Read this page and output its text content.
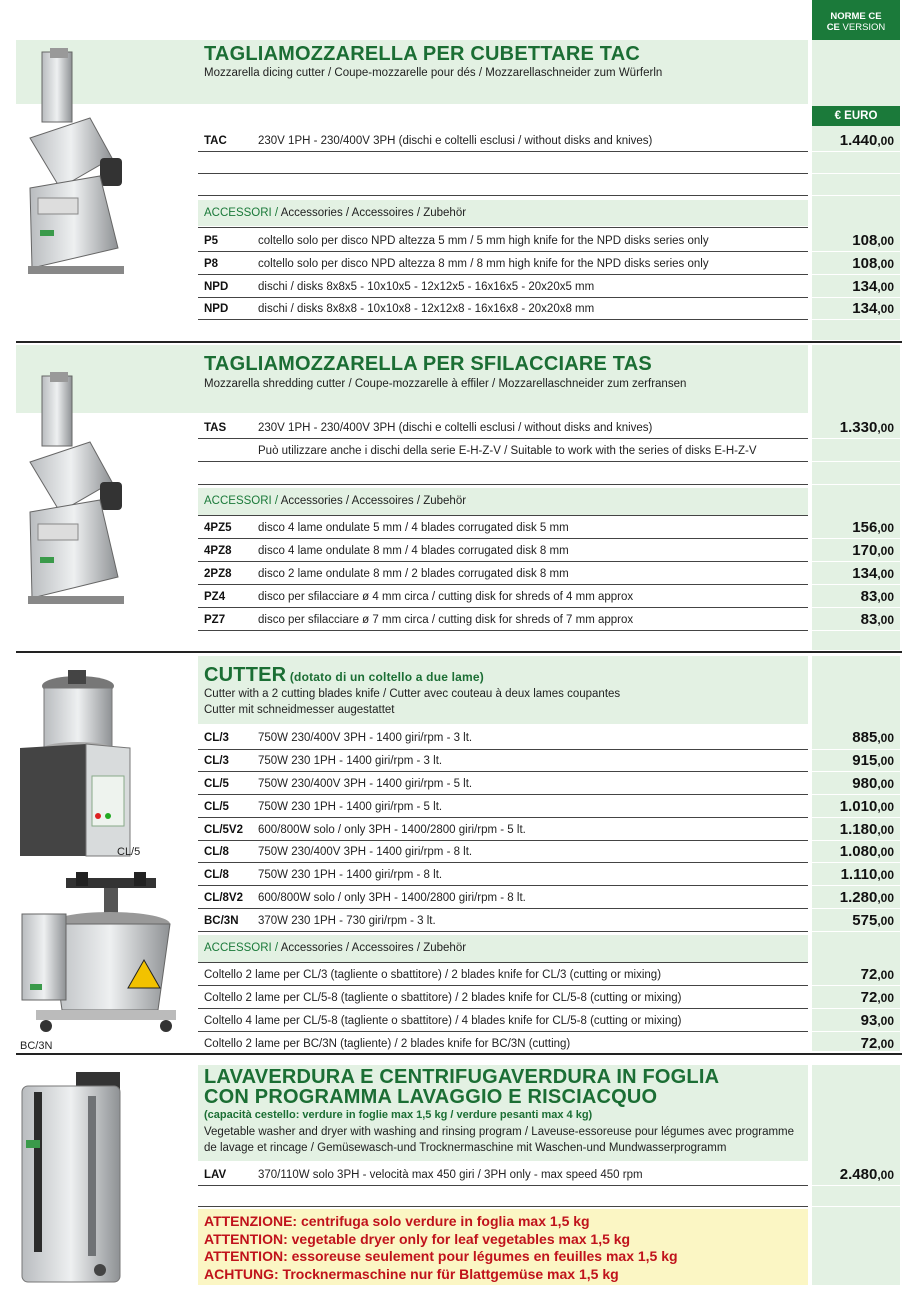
NORME CE
CE VERSION
€ EURO
TAGLIAMOZZARELLA PER CUBETTARE TAC
Mozzarella dicing cutter / Coupe-mozzarelle pour dés / Mozzarellaschneider zum Würferln
TAC	230V 1PH - 230/400V 3PH (dischi e coltelli esclusi / without disks and knives)	1.440,00
ACCESSORI / Accessories / Accessoires / Zubehör
P5	coltello solo per disco NPD altezza 5 mm / 5 mm high knife for the NPD disks series only	108,00
P8	coltello solo per disco NPD altezza 8 mm / 8 mm high knife for the NPD disks series only	108,00
NPD	dischi / disks 8x8x5 - 10x10x5 - 12x12x5 - 16x16x5 - 20x20x5 mm	134,00
NPD	dischi / disks 8x8x8 - 10x10x8 - 12x12x8 - 16x16x8 - 20x20x8 mm	134,00
TAGLIAMOZZARELLA PER SFILACCIARE TAS
Mozzarella shredding cutter / Coupe-mozzarelle à effiler / Mozzarellaschneider zum zerfransen
TAS	230V 1PH - 230/400V 3PH (dischi e coltelli esclusi / without disks and knives)	1.330,00
Può utilizzare anche i dischi della serie E-H-Z-V / Suitable to work with the series of disks E-H-Z-V
ACCESSORI / Accessories / Accessoires / Zubehör
4PZ5 disco 4 lame ondulate 5 mm / 4 blades corrugated disk 5 mm	156,00
4PZ8 disco 4 lame ondulate 8 mm / 4 blades corrugated disk 8 mm	170,00
2PZ8 disco 2 lame ondulate 8 mm / 2 blades corrugated disk 8 mm	134,00
PZ4	disco per sfilacciare ø 4 mm circa / cutting disk for shreds of 4 mm approx	83,00
PZ7	disco per sfilacciare ø 7 mm circa / cutting disk for shreds of 7 mm approx	83,00
CUTTER (dotato di un coltello a due lame)
Cutter with a 2 cutting blades knife / Cutter avec couteau à deux lames coupantes
Cutter mit schneidmesser augestattet
CL/5
BC/3N
CL/3	750W 230/400V 3PH - 1400 giri/rpm - 3 lt.	885,00
CL/3	750W 230 1PH - 1400 giri/rpm - 3 lt.	915,00
CL/5	750W 230/400V 3PH - 1400 giri/rpm - 5 lt.	980,00
CL/5	750W 230 1PH - 1400 giri/rpm - 5 lt.	1.010,00
CL/5V2 600/800W solo / only 3PH - 1400/2800 giri/rpm - 5 lt.	1.180,00
CL/8	750W 230/400V 3PH - 1400 giri/rpm - 8 lt.	1.080,00
CL/8	750W 230 1PH - 1400 giri/rpm - 8 lt.	1.110,00
CL/8V2 600/800W solo / only 3PH - 1400/2800 giri/rpm - 8 lt.	1.280,00
BC/3N 370W 230 1PH - 730 giri/rpm - 3 lt.	575,00
ACCESSORI / Accessories / Accessoires / Zubehör
Coltello 2 lame per CL/3 (tagliente o sbattitore) / 2 blades knife for CL/3 (cutting or mixing)	72,00
Coltello 2 lame per CL/5-8 (tagliente o sbattitore) / 2 blades knife for CL/5-8 (cutting or mixing)	72,00
Coltello 4 lame per CL/5-8 (tagliente o sbattitore) / 4 blades knife for CL/5-8 (cutting or mixing)	93,00
Coltello 2 lame per BC/3N (tagliente) / 2 blades knife for BC/3N (cutting)	72,00
LAVAVERDURA E CENTRIFUGAVERDURA IN FOGLIA
CON PROGRAMMA LAVAGGIO E RISCIACQUO
(capacità cestello: verdure in foglie max 1,5 kg / verdure pesanti max 4 kg)
Vegetable washer and dryer with washing and rinsing program / Laveuse-essoreuse pour légumes avec programme
de lavage et rincage / Gemüsewasch-und Trocknermaschine mit Waschen-und Mundwasserprogramm
LAV	370/110W solo 3PH - velocità max 450 giri / 3PH only - max speed 450 rpm	2.480,00
ATTENZIONE: centrifuga solo verdure in foglia max 1,5 kg
ATTENTION: vegetable dryer only for leaf vegetables max 1,5 kg
ATTENTION: essoreuse seulement pour légumes en feuilles max 1,5 kg
ACHTUNG: Trocknermaschine nur für Blattgemüse max 1,5 kg
